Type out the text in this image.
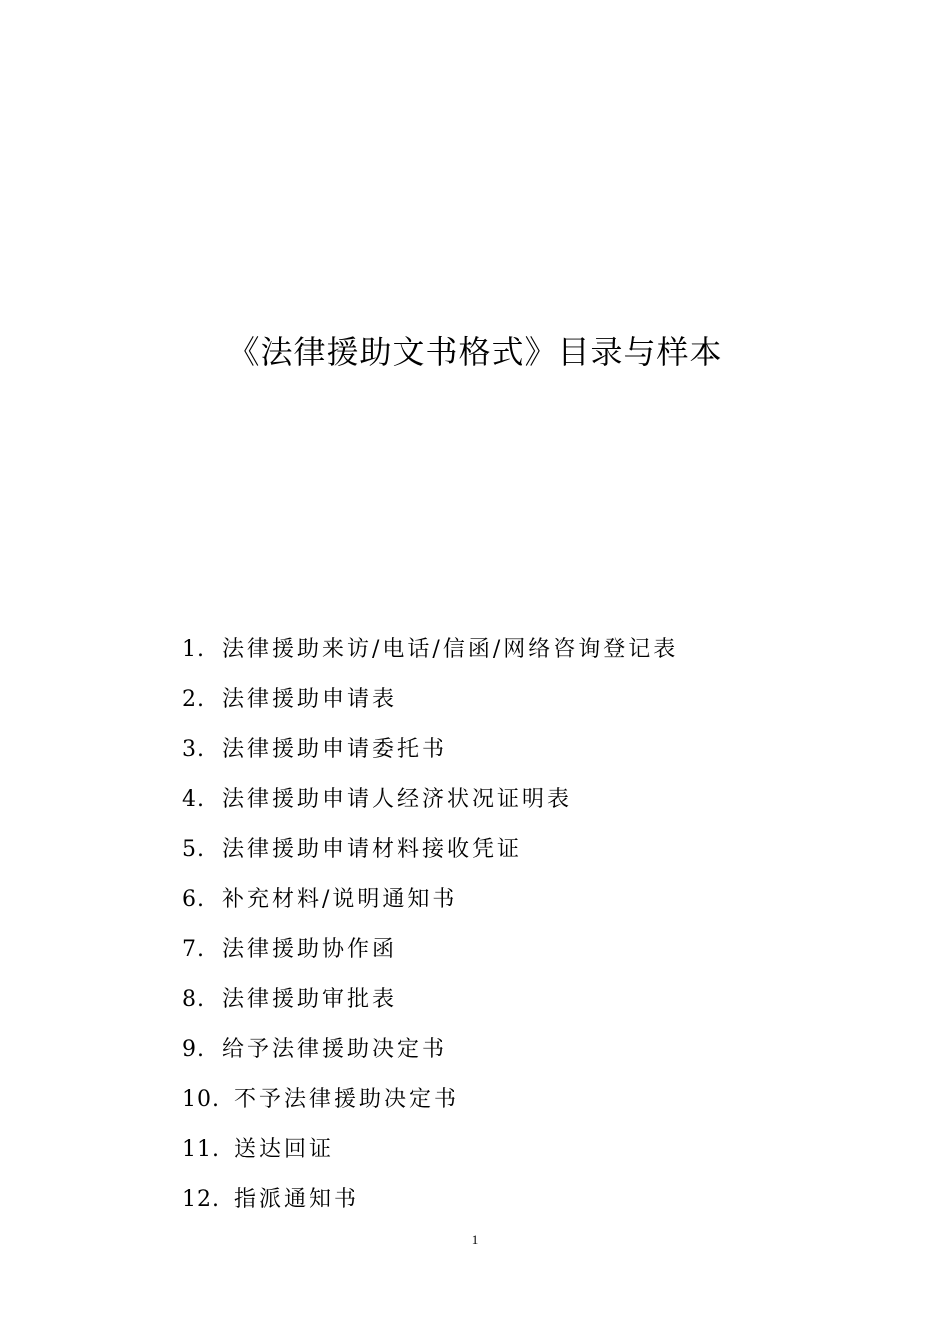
《法律援助文书格式》目录与样本
1. 法律援助来访/电话/信函/网络咨询登记表
2. 法律援助申请表
3. 法律援助申请委托书
4. 法律援助申请人经济状况证明表
5. 法律援助申请材料接收凭证
6. 补充材料/说明通知书
7. 法律援助协作函
8. 法律援助审批表
9. 给予法律援助决定书
10. 不予法律援助决定书
11. 送达回证
12. 指派通知书
1
